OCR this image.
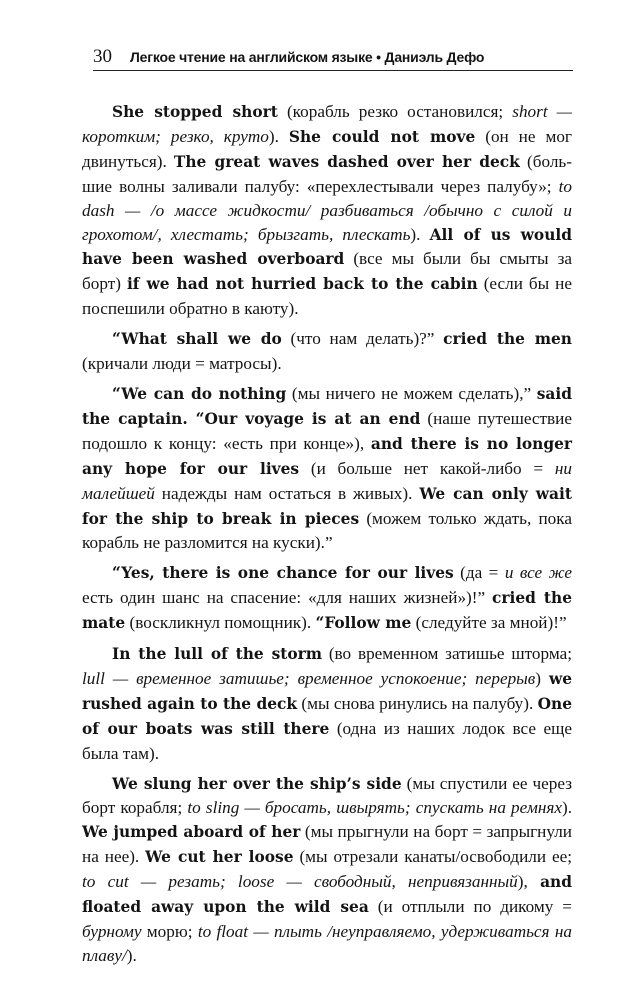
30 Легкое чтение на английском языке • Даниэль Дефо

She stopped short (корабль резко остановился; short — коротким; резко, круто). She could not move (он не мог двинуться). The great waves dashed over her deck (большие волны заливали палубу: «перехлестывали через палубу»; to dash — /о массе жидкости/ разбиваться /обычно с силой и грохотом/, хлестать; брызгать, плескать). All of us would have been washed overboard (все мы были бы смыты за борт) if we had not hurried back to the cabin (если бы не поспешили обратно в каюту).

“What shall we do (что нам делать)?” cried the men (кричали люди = матросы).

“We can do nothing (мы ничего не можем сделать),” said the captain. “Our voyage is at an end (наше путешествие подошло к концу: «есть при конце»), and there is no longer any hope for our lives (и больше нет какой-либо = ни малейшей надежды нам остаться в живых). We can only wait for the ship to break in pieces (можем только ждать, пока корабль не разломится на куски).”

“Yes, there is one chance for our lives (да = и все же есть один шанс на спасение: «для наших жизней»)!” cried the mate (воскликнул помощник). “Follow me (следуйте за мной)!”

In the lull of the storm (во временном затишье шторма; lull — временное затишье; временное успокоение; перерыв) we rushed again to the deck (мы снова ринулись на палубу). One of our boats was still there (одна из наших лодок все еще была там).

We slung her over the ship’s side (мы спустили ее через борт корабля; to sling — бросать, швырять; спускать на ремнях). We jumped aboard of her (мы прыгнули на борт = запрыгнули на нее). We cut her loose (мы отрезали канаты/освободили ее; to cut — резать; loose — свободный, непривязанный), and floated away upon the wild sea (и отплыли по дикому = бурному морю; to float — плыть /неуправляемо, удерживаться на плаву/).
